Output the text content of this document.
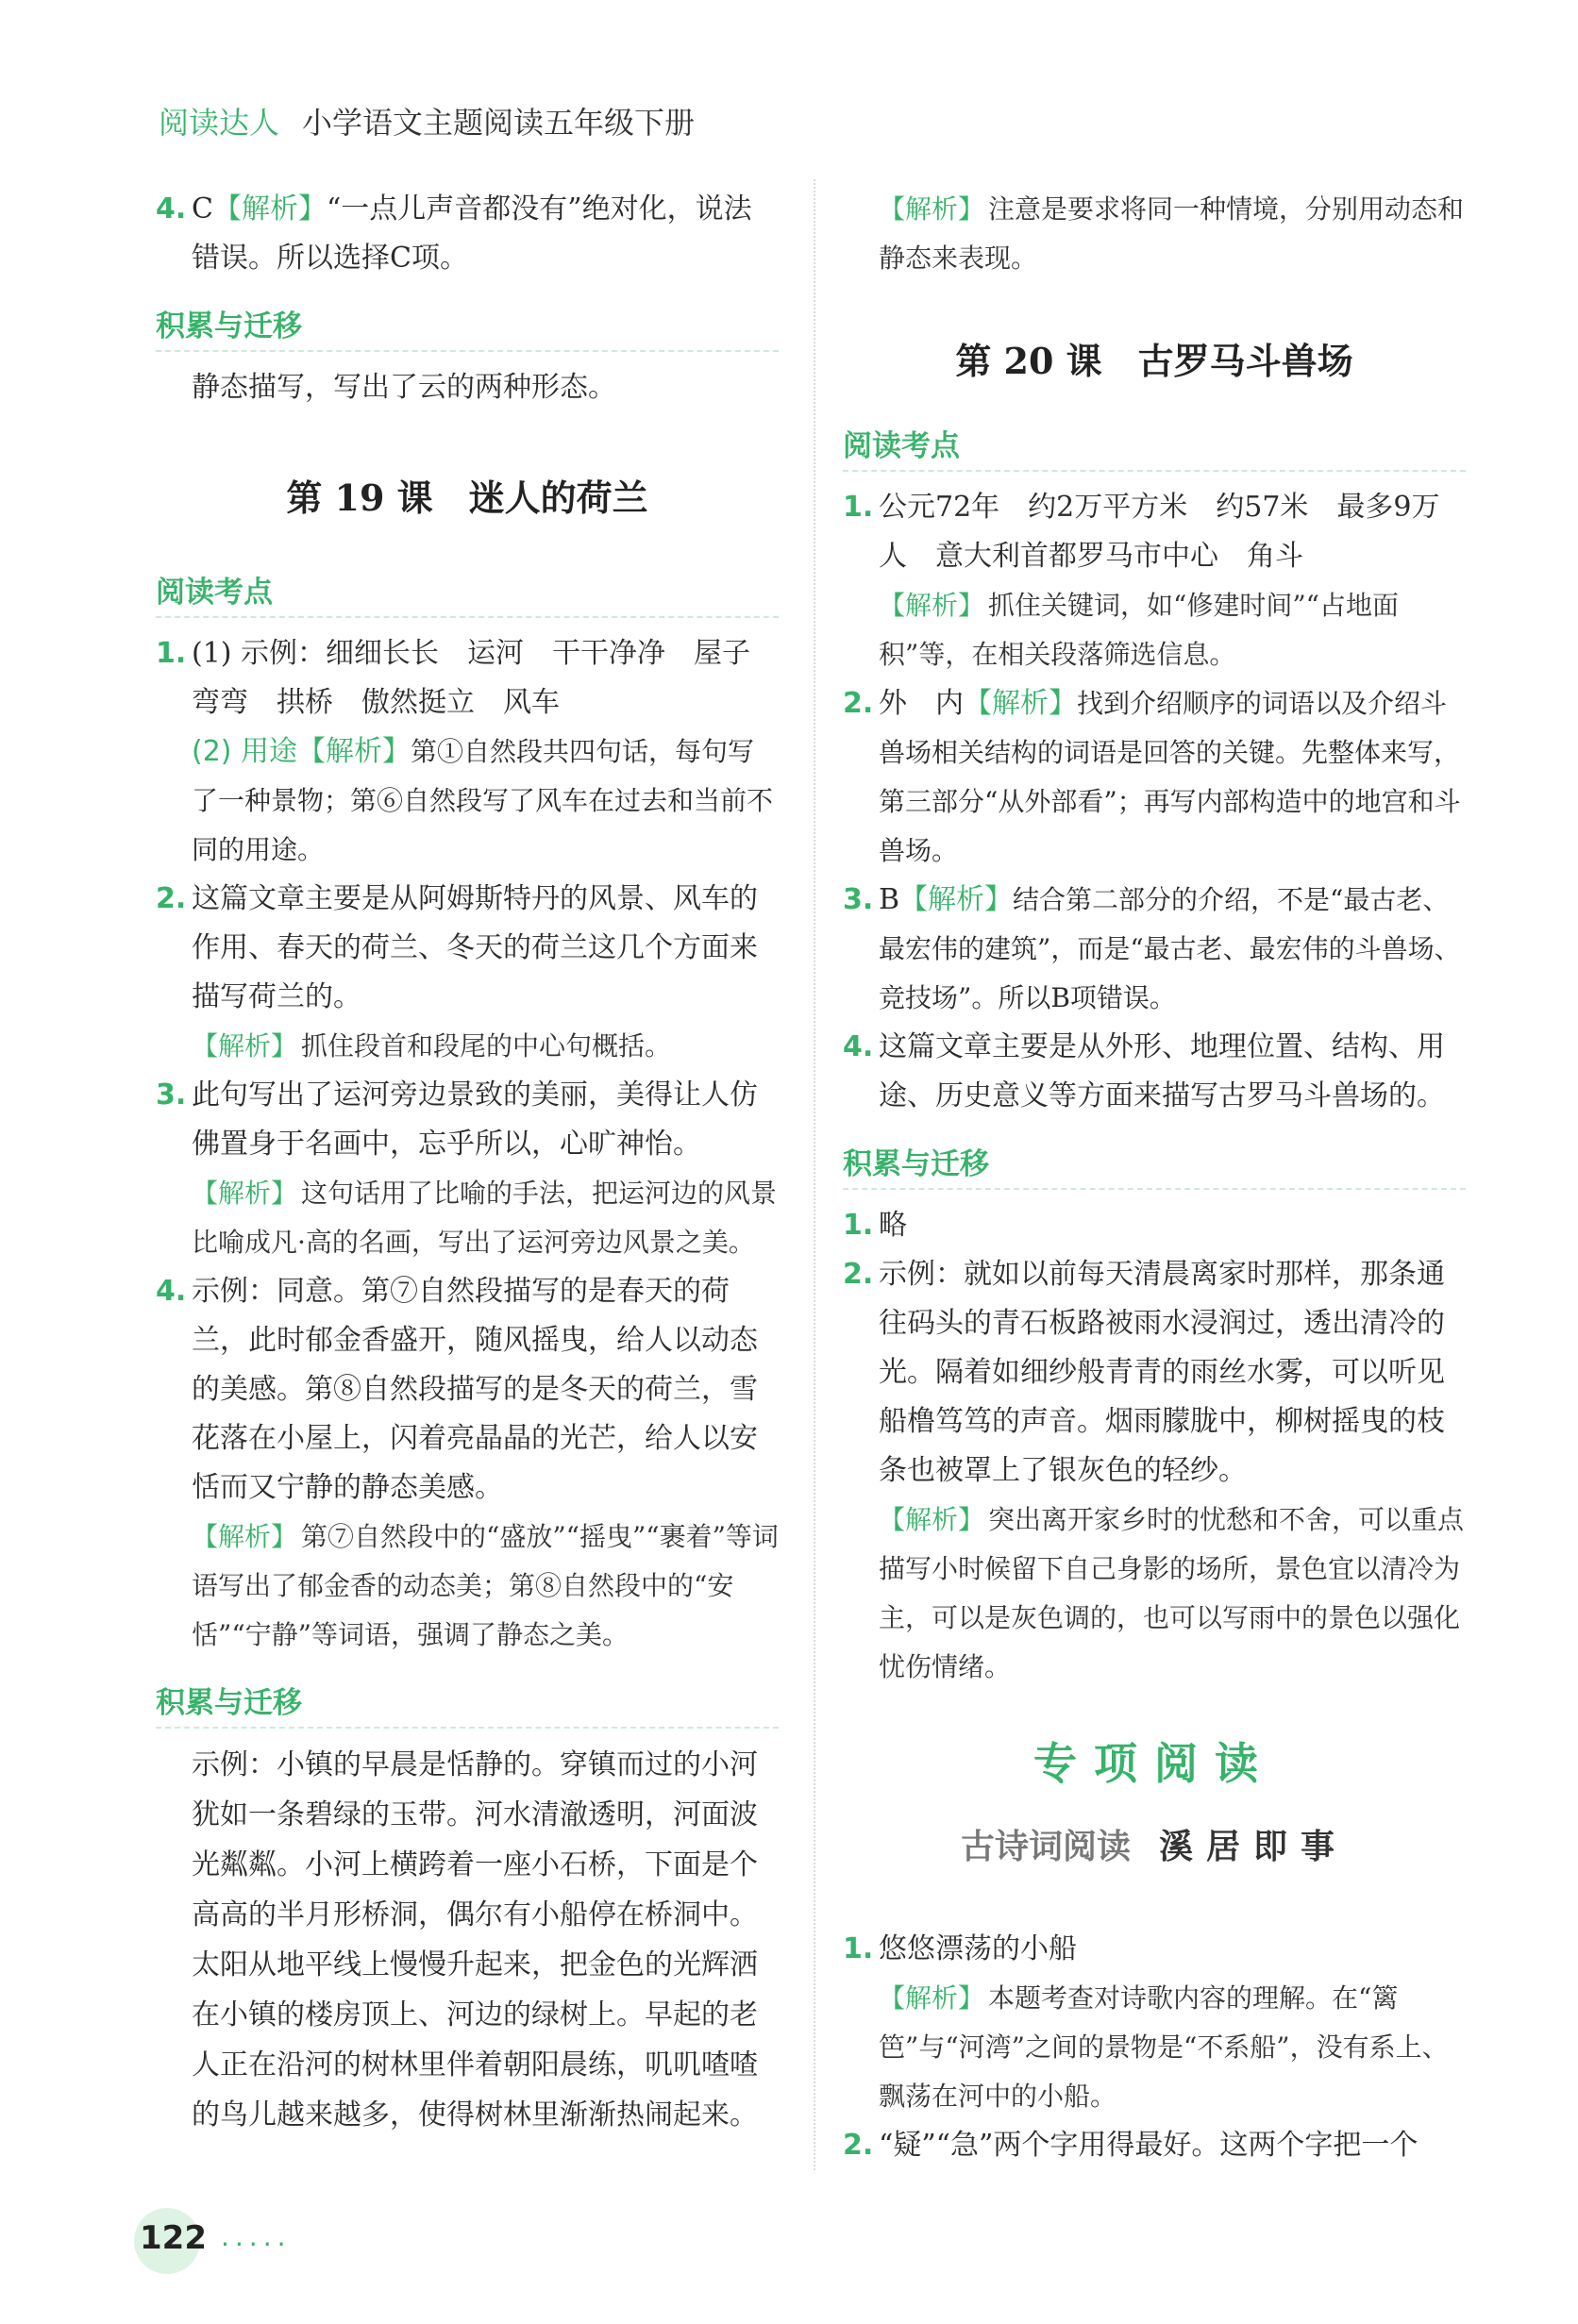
阅读达人 小学语文主题阅读五年级下册
4. C【解析】“一点儿声音都没有”绝对化，说法错误。所以选择C项。
积累与迁移
静态描写，写出了云的两种形态。
第 19 课　迷人的荷兰
阅读考点
1. (1) 示例：细细长长　运河　干干净净　屋子弯弯　拱桥　傲然挺立　风车
(2) 用途【解析】第①自然段共四句话，每句写了一种景物；第⑥自然段写了风车在过去和当前不同的用途。
2. 这篇文章主要是从阿姆斯特丹的风景、风车的作用、春天的荷兰、冬天的荷兰这几个方面来描写荷兰的。
【解析】 抓住段首和段尾的中心句概括。
3. 此句写出了运河旁边景致的美丽，美得让人仿佛置身于名画中，忘乎所以，心旷神怡。
【解析】 这句话用了比喻的手法，把运河边的风景比喻成凡·高的名画，写出了运河旁边风景之美。
4. 示例：同意。第⑦自然段描写的是春天的荷兰，此时郁金香盛开，随风摇曳，给人以动态的美感。第⑧自然段描写的是冬天的荷兰，雪花落在小屋上，闪着亮晶晶的光芒，给人以安恬而又宁静的静态美感。
【解析】 第⑦自然段中的“盛放”“摇曳”“裹着”等词语写出了郁金香的动态美；第⑧自然段中的“安恬”“宁静”等词语，强调了静态之美。
积累与迁移
示例：小镇的早晨是恬静的。穿镇而过的小河犹如一条碧绿的玉带。河水清澈透明，河面波光粼粼。小河上横跨着一座小石桥，下面是个高高的半月形桥洞，偶尔有小船停在桥洞中。太阳从地平线上慢慢升起来，把金色的光辉洒在小镇的楼房顶上、河边的绿树上。早起的老人正在沿河的树林里伴着朝阳晨练，叽叽喳喳的鸟儿越来越多，使得树林里渐渐热闹起来。
【解析】 注意是要求将同一种情境，分别用动态和静态来表现。
第 20 课　古罗马斗兽场
阅读考点
1. 公元72年　约2万平方米　约57米　最多9万人　意大利首都罗马市中心　角斗
【解析】 抓住关键词，如“修建时间”“占地面积”等，在相关段落筛选信息。
2. 外　内【解析】找到介绍顺序的词语以及介绍斗兽场相关结构的词语是回答的关键。先整体来写，第三部分“从外部看”；再写内部构造中的地宫和斗兽场。
3. B【解析】结合第二部分的介绍，不是“最古老、最宏伟的建筑”，而是“最古老、最宏伟的斗兽场、竞技场”。所以B项错误。
4. 这篇文章主要是从外形、地理位置、结构、用途、历史意义等方面来描写古罗马斗兽场的。
积累与迁移
1. 略
2. 示例：就如以前每天清晨离家时那样，那条通往码头的青石板路被雨水浸润过，透出清冷的光。隔着如细纱般青青的雨丝水雾，可以听见船橹笃笃的声音。烟雨朦胧中，柳树摇曳的枝条也被罩上了银灰色的轻纱。
【解析】 突出离开家乡时的忧愁和不舍，可以重点描写小时候留下自己身影的场所，景色宜以清冷为主，可以是灰色调的，也可以写雨中的景色以强化忧伤情绪。
专项阅读
古诗词阅读 溪居即事
1. 悠悠漂荡的小船
【解析】 本题考查对诗歌内容的理解。在“篱笆”与“河湾”之间的景物是“不系船”，没有系上、飘荡在河中的小船。
2. “疑”“急”两个字用得最好。这两个字把一个
122 ·····
